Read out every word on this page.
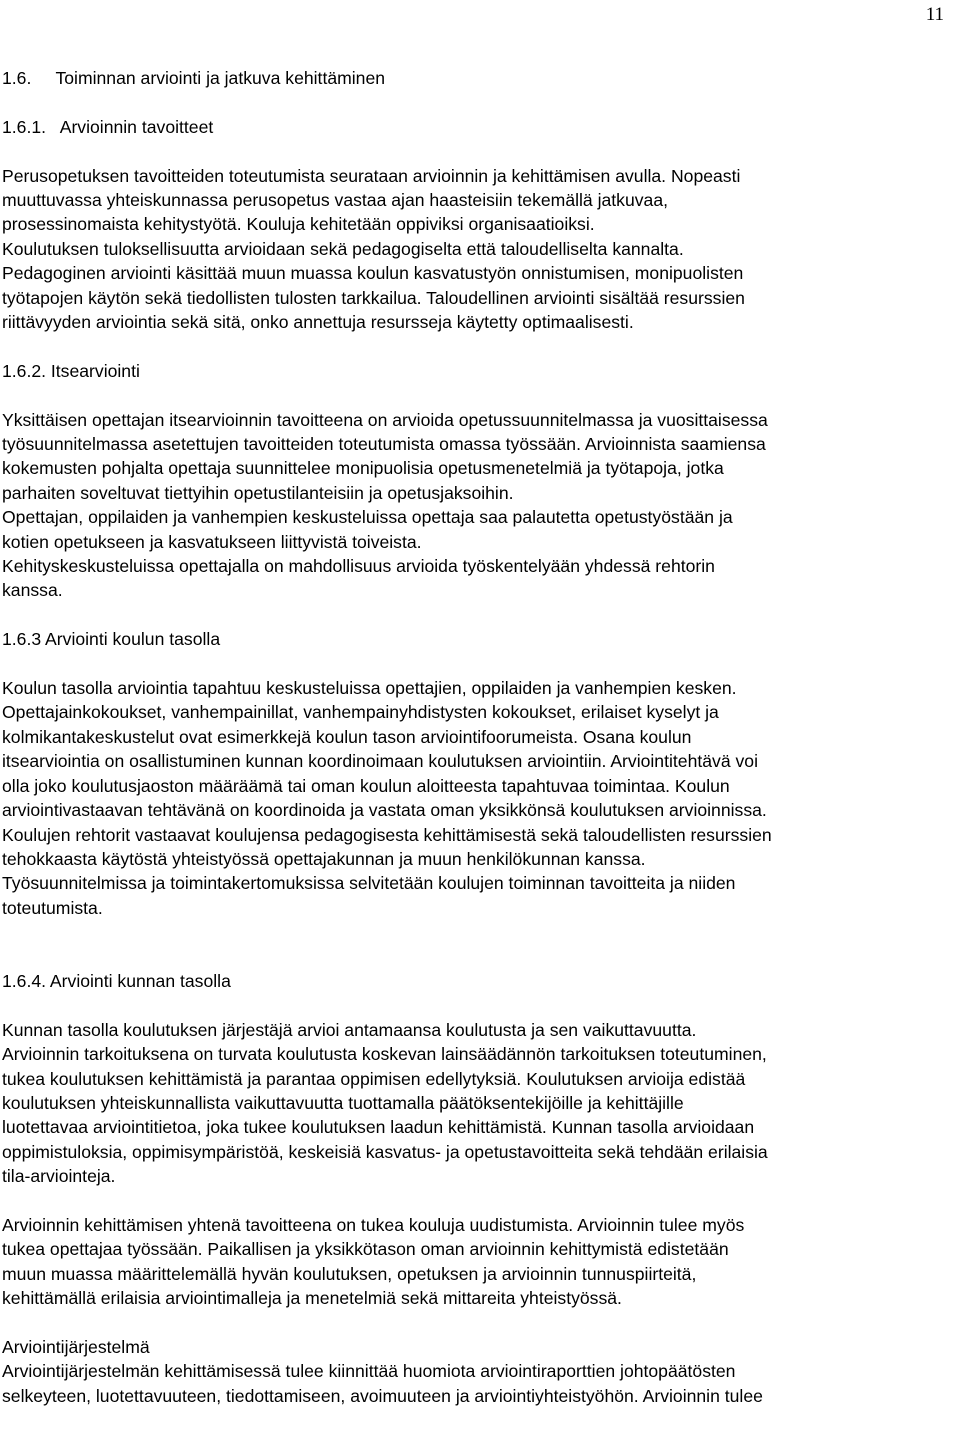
11
1.6.     Toiminnan arviointi ja jatkuva kehittäminen
1.6.1.   Arvioinnin tavoitteet
Perusopetuksen tavoitteiden toteutumista seurataan arvioinnin ja kehittämisen avulla. Nopeasti
muuttuvassa yhteiskunnassa perusopetus vastaa ajan haasteisiin tekemällä jatkuvaa,
prosessinomaista kehitystyötä. Kouluja kehitetään oppiviksi organisaatioiksi.
Koulutuksen tuloksellisuutta arvioidaan sekä pedagogiselta että taloudelliselta kannalta.
Pedagoginen arviointi käsittää muun muassa koulun kasvatustyön onnistumisen, monipuolisten
työtapojen käytön sekä tiedollisten tulosten tarkkailua. Taloudellinen arviointi sisältää resurssien
riittävyyden arviointia sekä sitä, onko annettuja resursseja käytetty optimaalisesti.
1.6.2. Itsearviointi
Yksittäisen opettajan itsearvioinnin tavoitteena on arvioida opetussuunnitelmassa ja vuosittaisessa
työsuunnitelmassa asetettujen tavoitteiden toteutumista omassa työssään. Arvioinnista saamiensa
kokemusten pohjalta opettaja suunnittelee monipuolisia opetusmenetelmiä ja työtapoja, jotka
parhaiten soveltuvat tiettyihin opetustilanteisiin ja opetusjaksoihin.
Opettajan, oppilaiden ja vanhempien keskusteluissa opettaja saa palautetta opetustyöstään ja
kotien opetukseen ja kasvatukseen liittyvistä toiveista.
Kehityskeskusteluissa opettajalla on mahdollisuus arvioida työskentelyään yhdessä rehtorin
kanssa.
1.6.3 Arviointi koulun tasolla
Koulun tasolla arviointia tapahtuu keskusteluissa opettajien, oppilaiden ja vanhempien kesken.
Opettajainkokoukset, vanhempainillat, vanhempainyhdistysten kokoukset, erilaiset kyselyt ja
kolmikantakeskustelut ovat esimerkkejä koulun tason arviointifoorumeista. Osana koulun
itsearviointia on osallistuminen kunnan koordinoimaan koulutuksen arviointiin. Arviointitehtävä voi
olla joko koulutusjaoston määräämä tai oman koulun aloitteesta tapahtuvaa toimintaa. Koulun
arviointivastaavan tehtävänä on koordinoida ja vastata oman yksikkönsä koulutuksen arvioinnissa.
Koulujen rehtorit vastaavat koulujensa pedagogisesta kehittämisestä sekä taloudellisten resurssien
tehokkaasta käytöstä yhteistyössä opettajakunnan ja muun henkilökunnan kanssa.
Työsuunnitelmissa ja toimintakertomuksissa selvitetään koulujen toiminnan tavoitteita ja niiden
toteutumista.
1.6.4. Arviointi kunnan tasolla
Kunnan tasolla koulutuksen järjestäjä arvioi antamaansa koulutusta ja sen vaikuttavuutta.
Arvioinnin tarkoituksena on turvata koulutusta koskevan lainsäädännön tarkoituksen toteutuminen,
tukea koulutuksen kehittämistä ja parantaa oppimisen edellytyksiä. Koulutuksen arvioija edistää
koulutuksen yhteiskunnallista vaikuttavuutta tuottamalla päätöksentekijöille ja kehittäjille
luotettavaa arviointitietoa, joka tukee koulutuksen laadun kehittämistä. Kunnan tasolla arvioidaan
oppimistuloksia, oppimisympäristöä, keskeisiä kasvatus- ja opetustavoitteita sekä tehdään erilaisia
tila-arviointeja.
Arvioinnin kehittämisen yhtenä tavoitteena on tukea kouluja uudistumista. Arvioinnin tulee myös
tukea opettajaa työssään. Paikallisen ja yksikkötason oman arvioinnin kehittymistä edistetään
muun muassa määrittelemällä hyvän koulutuksen, opetuksen ja arvioinnin tunnuspiirteitä,
kehittämällä erilaisia arviointimalleja ja menetelmiä sekä mittareita yhteistyössä.
Arviointijärjestelmä
Arviointijärjestelmän kehittämisessä tulee kiinnittää huomiota arviointiraporttien johtopäätösten
selkeyteen, luotettavuuteen, tiedottamiseen, avoimuuteen ja arviointiyhteistyöhön. Arvioinnin tulee
